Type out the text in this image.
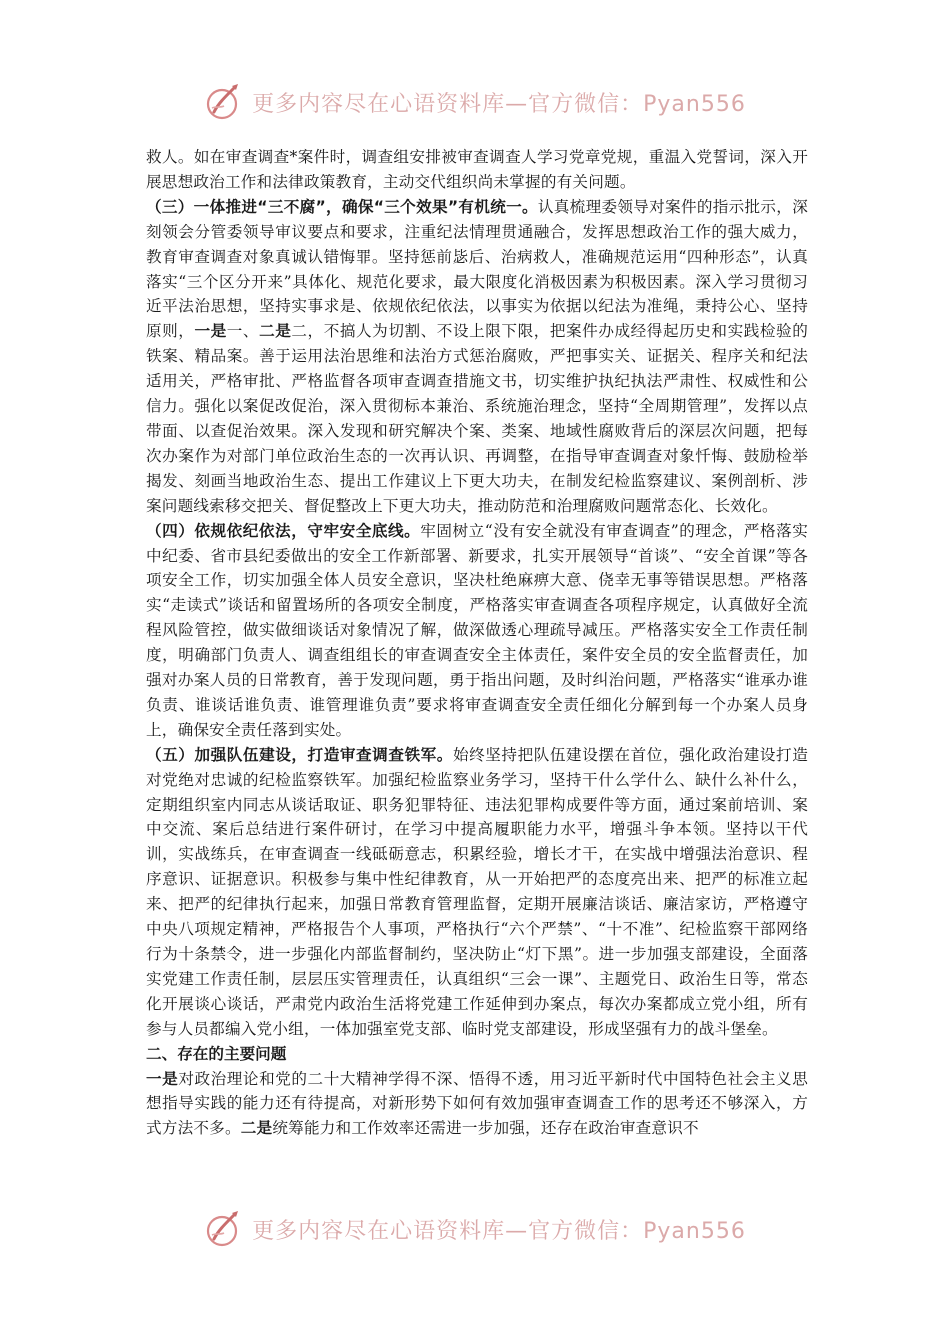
更多内容尽在心语资料库—官方微信：Pyan556

救人。如在审查调查*案件时，调查组安排被审查调查人学习党章党规，重温入党誓词，深入开展思想政治工作和法律政策教育，主动交代组织尚未掌握的有关问题。

（三）一体推进“三不腐”，确保“三个效果”有机统一。认真梳理委领导对案件的指示批示，深刻领会分管委领导审议要点和要求，注重纪法情理贯通融合，发挥思想政治工作的强大威力，教育审查调查对象真诚认错悔罪。坚持惩前毖后、治病救人，准确规范运用“四种形态”，认真落实“三个区分开来”具体化、规范化要求，最大限度化消极因素为积极因素。深入学习贯彻习近平法治思想，坚持实事求是、依规依纪依法，以事实为依据以纪法为准绳，秉持公心、坚持原则，一是一、二是二，不搞人为切割、不设上限下限，把案件办成经得起历史和实践检验的铁案、精品案。善于运用法治思维和法治方式惩治腐败，严把事实关、证据关、程序关和纪法适用关，严格审批、严格监督各项审查调查措施文书，切实维护执纪执法严肃性、权威性和公信力。强化以案促改促治，深入贯彻标本兼治、系统施治理念，坚持“全周期管理”，发挥以点带面、以查促治效果。深入发现和研究解决个案、类案、地域性腐败背后的深层次问题，把每次办案作为对部门单位政治生态的一次再认识、再调整，在指导审查调查对象忏悔、鼓励检举揭发、刻画当地政治生态、提出工作建议上下更大功夫，在制发纪检监察建议、案例剖析、涉案问题线索移交把关、督促整改上下更大功夫，推动防范和治理腐败问题常态化、长效化。

（四）依规依纪依法，守牢安全底线。牢固树立“没有安全就没有审查调查”的理念，严格落实中纪委、省市县纪委做出的安全工作新部署、新要求，扎实开展领导“首谈”、“安全首课”等各项安全工作，切实加强全体人员安全意识，坚决杜绝麻痹大意、侥幸无事等错误思想。严格落实“走读式”谈话和留置场所的各项安全制度，严格落实审查调查各项程序规定，认真做好全流程风险管控，做实做细谈话对象情况了解，做深做透心理疏导减压。严格落实安全工作责任制度，明确部门负责人、调查组组长的审查调查安全主体责任，案件安全员的安全监督责任，加强对办案人员的日常教育，善于发现问题，勇于指出问题，及时纠治问题，严格落实“谁承办谁负责、谁谈话谁负责、谁管理谁负责”要求将审查调查安全责任细化分解到每一个办案人员身上，确保安全责任落到实处。

（五）加强队伍建设，打造审查调查铁军。始终坚持把队伍建设摆在首位，强化政治建设打造对党绝对忠诚的纪检监察铁军。加强纪检监察业务学习，坚持干什么学什么、缺什么补什么，定期组织室内同志从谈话取证、职务犯罪特征、违法犯罪构成要件等方面，通过案前培训、案中交流、案后总结进行案件研讨，在学习中提高履职能力水平，增强斗争本领。坚持以干代训，实战练兵，在审查调查一线砥砺意志，积累经验，增长才干，在实战中增强法治意识、程序意识、证据意识。积极参与集中性纪律教育，从一开始把严的态度亮出来、把严的标准立起来、把严的纪律执行起来，加强日常教育管理监督，定期开展廉洁谈话、廉洁家访，严格遵守中央八项规定精神，严格报告个人事项，严格执行“六个严禁”、“十不准”、纪检监察干部网络行为十条禁令，进一步强化内部监督制约，坚决防止“灯下黑”。进一步加强支部建设，全面落实党建工作责任制，层层压实管理责任，认真组织“三会一课”、主题党日、政治生日等，常态化开展谈心谈话，严肃党内政治生活将党建工作延伸到办案点，每次办案都成立党小组，所有参与人员都编入党小组，一体加强室党支部、临时党支部建设，形成坚强有力的战斗堡垒。

二、存在的主要问题

一是对政治理论和党的二十大精神学得不深、悟得不透，用习近平新时代中国特色社会主义思想指导实践的能力还有待提高，对新形势下如何有效加强审查调查工作的思考还不够深入，方式方法不多。二是统筹能力和工作效率还需进一步加强，还存在政治审查意识不

更多内容尽在心语资料库—官方微信：Pyan556
